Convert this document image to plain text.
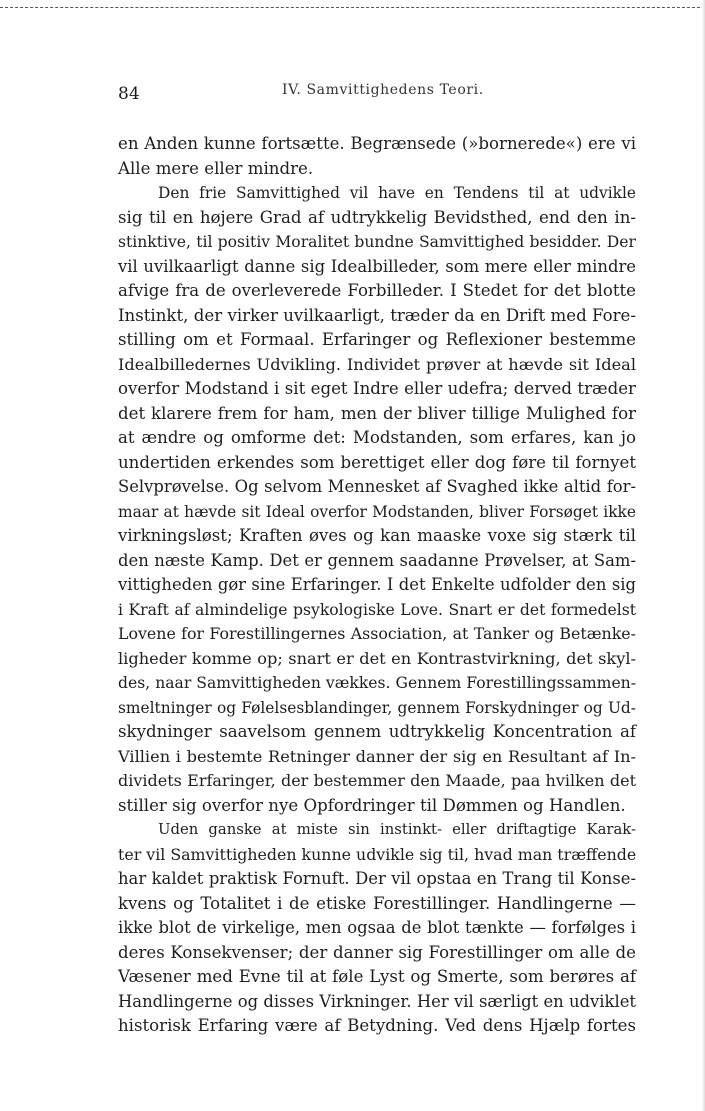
84	IV. Samvittighedens Teori.
en Anden kunne fortsætte. Begrænsede (»bornerede«) ere vi
Alle mere eller mindre.
Den frie Samvittighed vil have en Tendens til at udvikle
sig til en højere Grad af udtrykkelig Bevidsthed, end den in-
stinktive, til positiv Moralitet bundne Samvittighed besidder. Der
vil uvilkaarligt danne sig Idealbilleder, som mere eller mindre
afvige fra de overleverede Forbilleder. I Stedet for det blotte
Instinkt, der virker uvilkaarligt, træder da en Drift med Fore-
stilling om et Formaal. Erfaringer og Reflexioner bestemme
Idealbilledernes Udvikling. Individet prøver at hævde sit Ideal
overfor Modstand i sit eget Indre eller udefra; derved træder
det klarere frem for ham, men der bliver tillige Mulighed for
at ændre og omforme det: Modstanden, som erfares, kan jo
undertiden erkendes som berettiget eller dog føre til fornyet
Selvprøvelse. Og selvom Mennesket af Svaghed ikke altid for-
maar at hævde sit Ideal overfor Modstanden, bliver Forsøget ikke
virkningsløst; Kraften øves og kan maaske voxe sig stærk til
den næste Kamp. Det er gennem saadanne Prøvelser, at Sam-
vittigheden gør sine Erfaringer. I det Enkelte udfolder den sig
i Kraft af almindelige psykologiske Love. Snart er det formedelst
Lovene for Forestillingernes Association, at Tanker og Betænke-
ligheder komme op; snart er det en Kontrastvirkning, det skyl-
des, naar Samvittigheden vækkes. Gennem Forestillingssammen-
smeltninger og Følelsesblandinger, gennem Forskydninger og Ud-
skydninger saavelsom gennem udtrykkelig Koncentration af
Villien i bestemte Retninger danner der sig en Resultant af In-
dividets Erfaringer, der bestemmer den Maade, paa hvilken det
stiller sig overfor nye Opfordringer til Dømmen og Handlen.
Uden ganske at miste sin instinkt- eller driftagtige Karak-
ter vil Samvittigheden kunne udvikle sig til, hvad man træffende
har kaldet praktisk Fornuft. Der vil opstaa en Trang til Konse-
kvens og Totalitet i de etiske Forestillinger. Handlingerne —
ikke blot de virkelige, men ogsaa de blot tænkte — forfølges i
deres Konsekvenser; der danner sig Forestillinger om alle de
Væsener med Evne til at føle Lyst og Smerte, som berøres af
Handlingerne og disses Virkninger. Her vil særligt en udviklet
historisk Erfaring være af Betydning. Ved dens Hjælp fortes
